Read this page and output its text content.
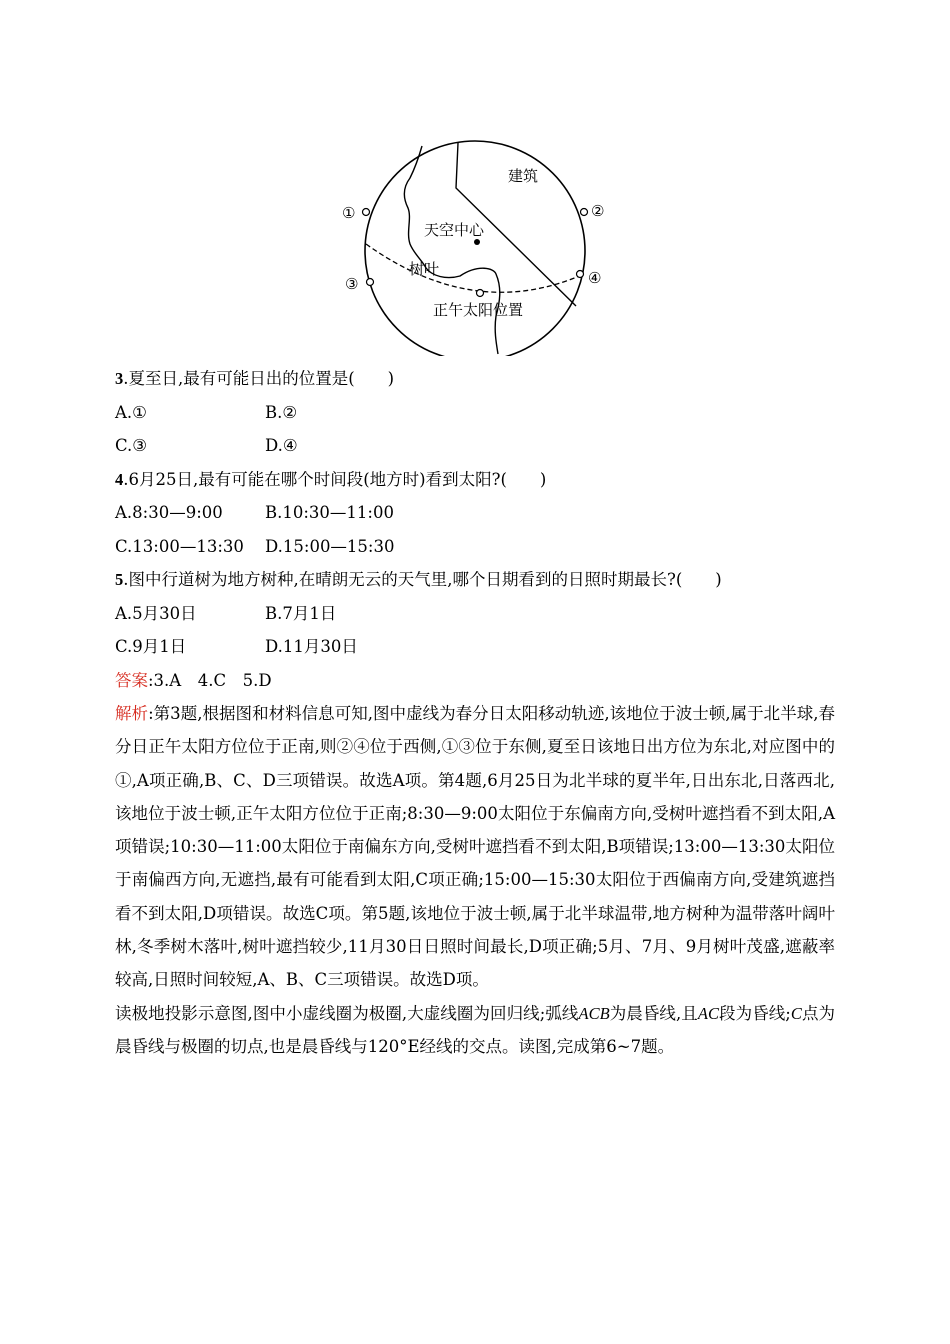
建筑
天空中心
树叶
正午太阳位置
①	②
③	④
3.夏至日,最有可能日出的位置是(　　)
A.①	B.②
C.③	D.④
4.6月25日,最有可能在哪个时间段(地方时)看到太阳?(　　)
A.8:30—9:00	B.10:30—11:00
C.13:00—13:30	D.15:00—15:30
5.图中行道树为地方树种,在晴朗无云的天气里,哪个日期看到的日照时期最长?(　　)
A.5月30日	B.7月1日
C.9月1日	D.11月30日
答案:3.A　4.C　5.D
解析:第3题,根据图和材料信息可知,图中虚线为春分日太阳移动轨迹,该地位于波士顿,属于北半球,春分日正午太阳方位位于正南,则②④位于西侧,①③位于东侧,夏至日该地日出方位为东北,对应图中的①,A项正确,B、C、D三项错误。故选A项。第4题,6月25日为北半球的夏半年,日出东北,日落西北,该地位于波士顿,正午太阳方位位于正南;8:30—9:00太阳位于东偏南方向,受树叶遮挡看不到太阳,A项错误;10:30—11:00太阳位于南偏东方向,受树叶遮挡看不到太阳,B项错误;13:00—13:30太阳位于南偏西方向,无遮挡,最有可能看到太阳,C项正确;15:00—15:30太阳位于西偏南方向,受建筑遮挡看不到太阳,D项错误。故选C项。第5题,该地位于波士顿,属于北半球温带,地方树种为温带落叶阔叶林,冬季树木落叶,树叶遮挡较少,11月30日日照时间最长,D项正确;5月、7月、9月树叶茂盛,遮蔽率较高,日照时间较短,A、B、C三项错误。故选D项。
读极地投影示意图,图中小虚线圈为极圈,大虚线圈为回归线;弧线ACB为晨昏线,且AC段为昏线;C点为晨昏线与极圈的切点,也是晨昏线与120°E经线的交点。读图,完成第6~7题。
